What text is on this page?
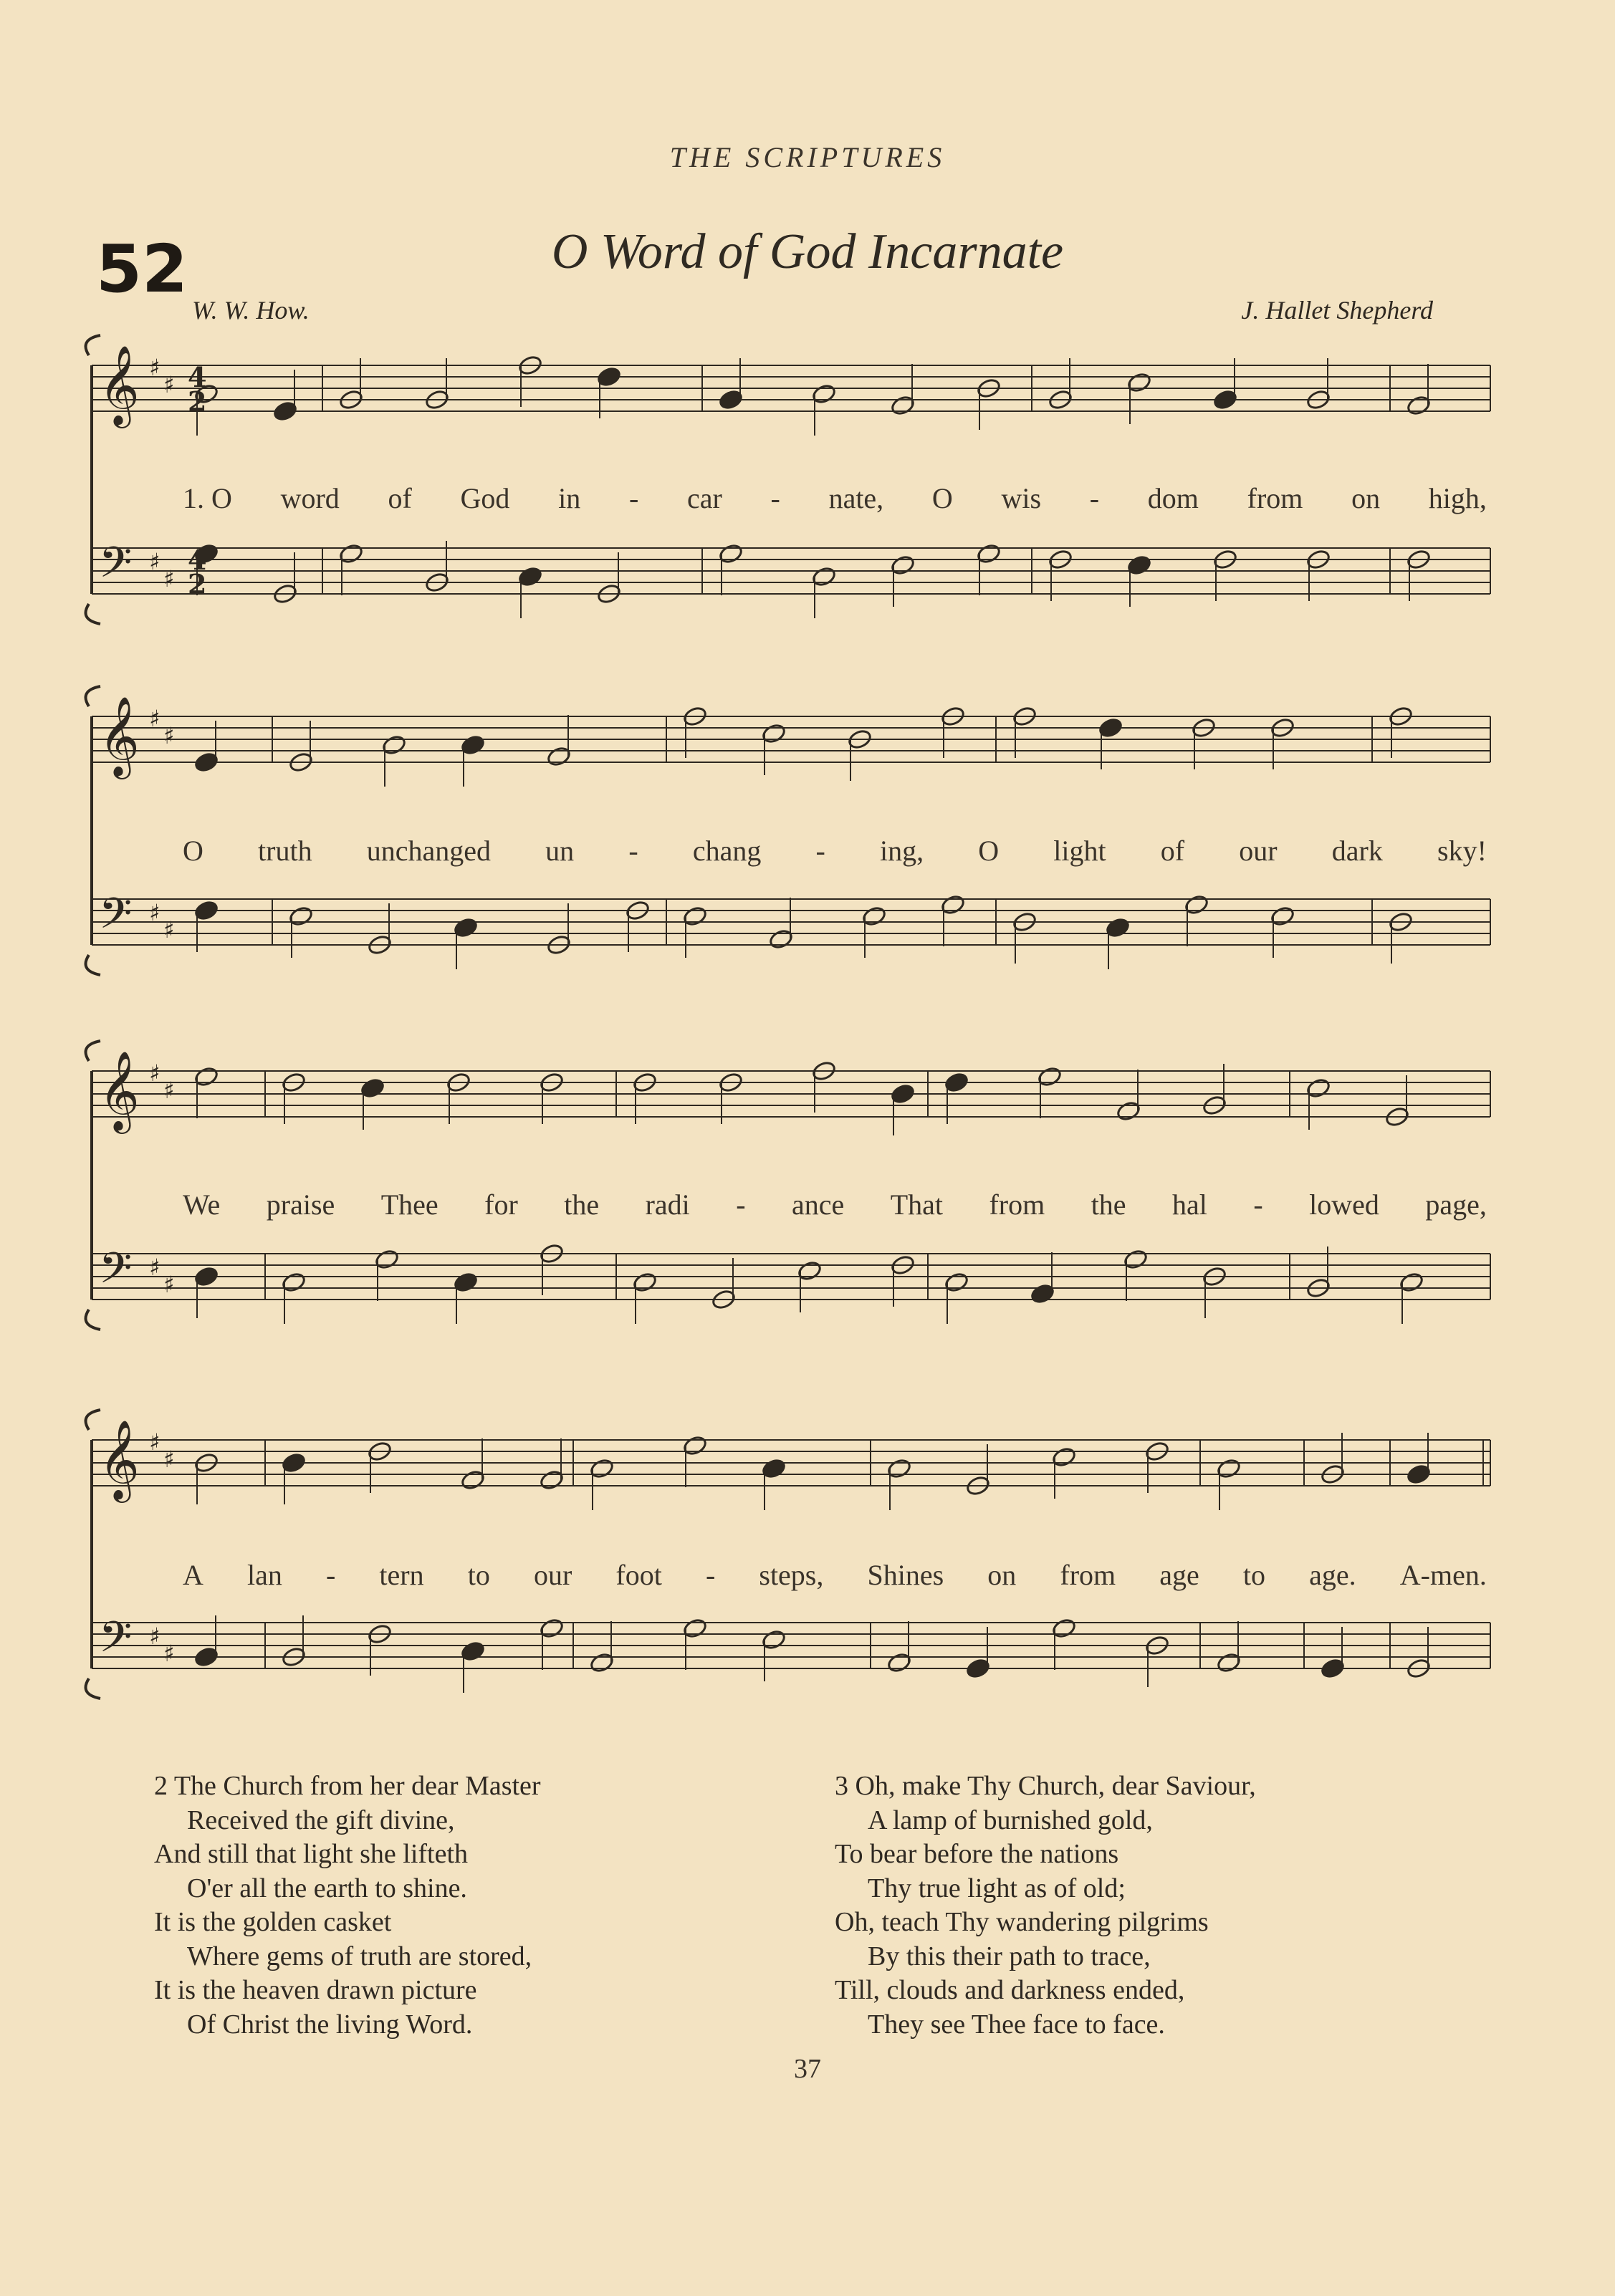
THE SCRIPTURES
52	O Word of God Incarnate
W. W. How.	J. Hallet Shepherd
𝄞
𝄢
♯
♯
♯
♯
𝄞
𝄢
♯
♯
♯
♯
𝄞
𝄢
♯
♯
♯
♯
𝄞
𝄢
♯
♯
♯
♯
4
2
4
2
1. O word of God in - car - nate, O wis - dom from on high,
O truth unchanged un - chang - ing, O light of our dark sky!
We praise Thee for the radi - ance That from the hal - lowed page,
A lan - tern to our foot - steps, Shines on from age to age. A-men.
2 The Church from her dear Master
Received the gift divine,
And still that light she lifteth
O'er all the earth to shine.
It is the golden casket
Where gems of truth are stored,
It is the heaven drawn picture
Of Christ the living Word.
3 Oh, make Thy Church, dear Saviour,
A lamp of burnished gold,
To bear before the nations
Thy true light as of old;
Oh, teach Thy wandering pilgrims
By this their path to trace,
Till, clouds and darkness ended,
They see Thee face to face.
37
